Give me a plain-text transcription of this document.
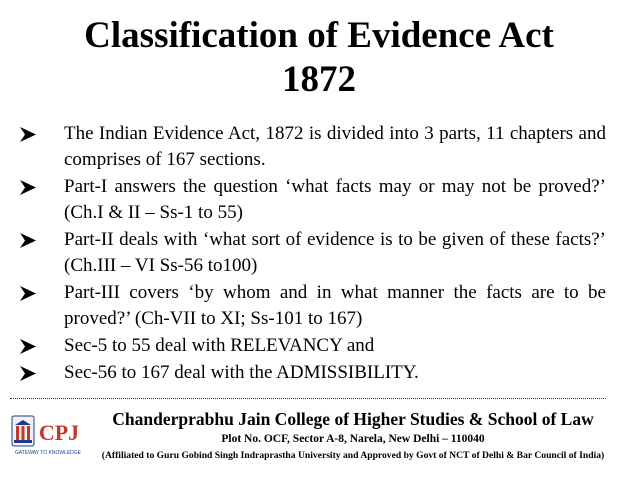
Classification of Evidence Act
1872
The Indian Evidence Act, 1872 is divided into 3 parts, 11 chapters and comprises of 167 sections.
Part-I answers the question ‘what facts may or may not be proved?’ (Ch.I & II – Ss-1 to 55)
Part-II deals with ‘what sort of evidence is to be given of these facts?’ (Ch.III – VI Ss-56 to100)
Part-III covers ‘by whom and in what manner the facts are to be proved?’ (Ch-VII to XI; Ss-101 to 167)
Sec-5 to 55 deal with RELEVANCY and
Sec-56 to 167 deal with the ADMISSIBILITY.
CPJ
GATEWAY TO KNOWLEDGE
Chanderprabhu Jain College of Higher Studies & School of Law
Plot No. OCF, Sector A-8, Narela, New Delhi – 110040
(Affiliated to Guru Gobind Singh Indraprastha University and Approved by Govt of NCT of Delhi & Bar Council of India)
